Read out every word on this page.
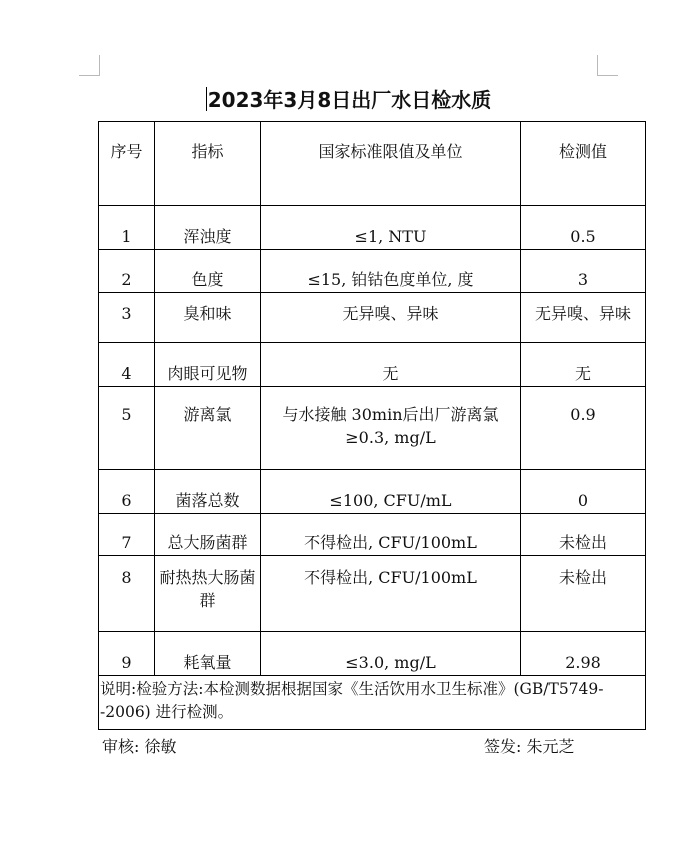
2023年3月8日出厂水日检水质
序号	指标	国家标准限值及单位	检测值
1	浑浊度	≤1, NTU	0.5
2	色度	≤15, 铂钴色度单位, 度	3
3	臭和味	无异嗅、异味	无异嗅、异味
4	肉眼可见物	无	无
5	游离氯	与水接触 30min后出厂游离氯≥0.3, mg/L	0.9
6	菌落总数	≤100, CFU/mL	0
7	总大肠菌群	不得检出, CFU/100mL	未检出
8	耐热热大肠菌群	不得检出, CFU/100mL	未检出
9	耗氧量	≤3.0, mg/L	2.98
说明:检验方法:本检测数据根据国家《生活饮用水卫生标准》(GB/T5749--2006) 进行检测。			
审核: 徐敏	签发: 朱元芝
